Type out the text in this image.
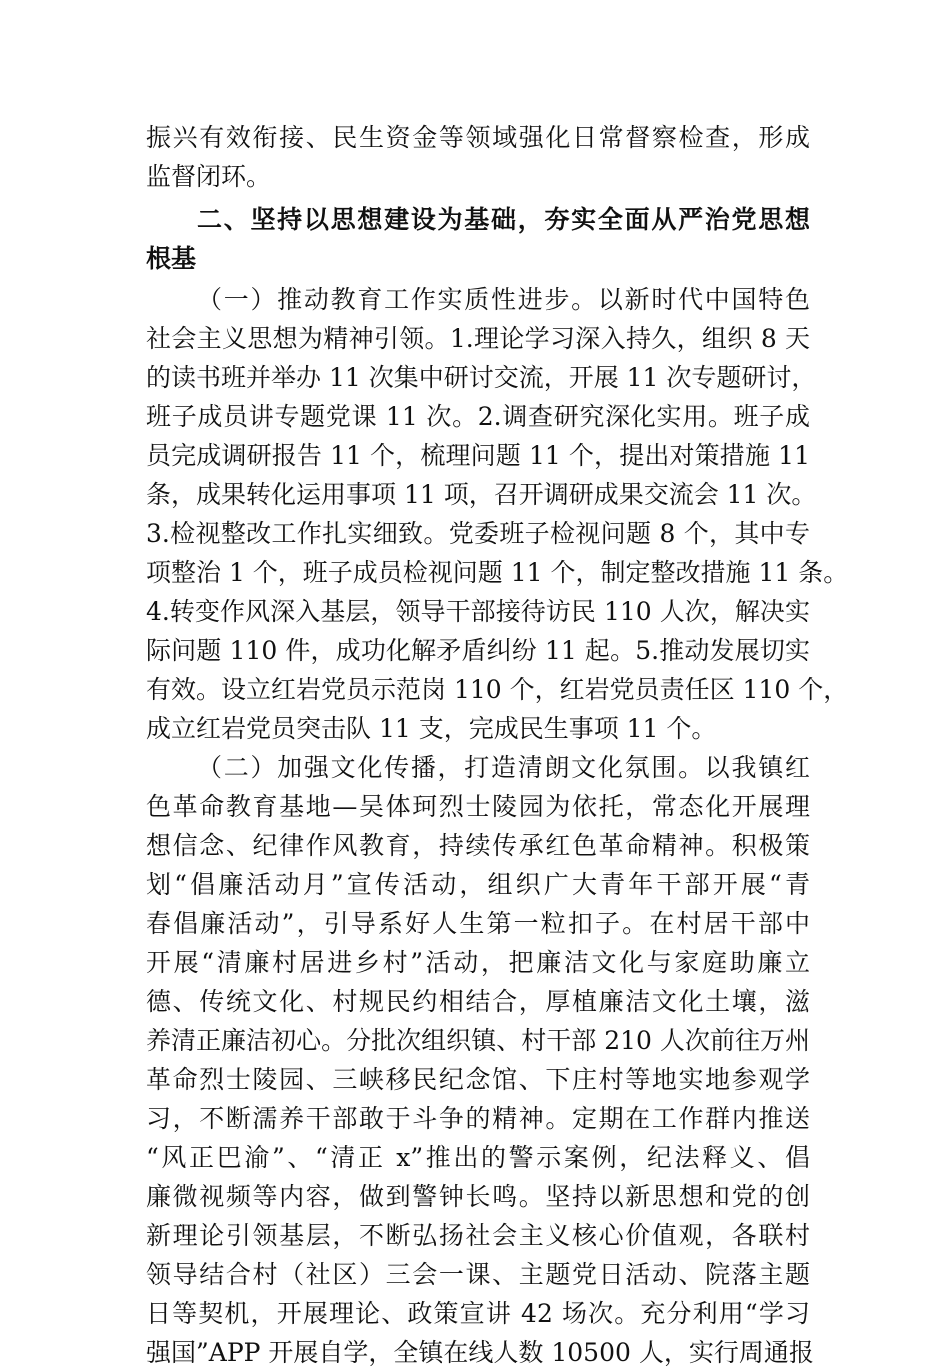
振兴有效衔接、民生资金等领域强化日常督察检查，形成
监督闭环。
二、坚持以思想建设为基础，夯实全面从严治党思想
根基
（一）推动教育工作实质性进步。以新时代中国特色
社会主义思想为精神引领。1.理论学习深入持久，组织 8 天
的读书班并举办 11 次集中研讨交流，开展 11 次专题研讨，
班子成员讲专题党课 11 次。2.调查研究深化实用。班子成
员完成调研报告 11 个，梳理问题 11 个，提出对策措施 11
条，成果转化运用事项 11 项，召开调研成果交流会 11 次。
3.检视整改工作扎实细致。党委班子检视问题 8 个，其中专
项整治 1 个，班子成员检视问题 11 个，制定整改措施 11 条。
4.转变作风深入基层，领导干部接待访民 110 人次，解决实
际问题 110 件，成功化解矛盾纠纷 11 起。5.推动发展切实
有效。设立红岩党员示范岗 110 个，红岩党员责任区 110 个，
成立红岩党员突击队 11 支，完成民生事项 11 个。
（二）加强文化传播，打造清朗文化氛围。以我镇红
色革命教育基地—吴体珂烈士陵园为依托，常态化开展理
想信念、纪律作风教育，持续传承红色革命精神。积极策
划“倡廉活动月”宣传活动，组织广大青年干部开展“青
春倡廉活动”，引导系好人生第一粒扣子。在村居干部中
开展“清廉村居进乡村”活动，把廉洁文化与家庭助廉立
德、传统文化、村规民约相结合，厚植廉洁文化土壤，滋
养清正廉洁初心。分批次组织镇、村干部 210 人次前往万州
革命烈士陵园、三峡移民纪念馆、下庄村等地实地参观学
习，不断濡养干部敢于斗争的精神。定期在工作群内推送
“风正巴渝”、“清正 x”推出的警示案例，纪法释义、倡
廉微视频等内容，做到警钟长鸣。坚持以新思想和党的创
新理论引领基层，不断弘扬社会主义核心价值观，各联村
领导结合村（社区）三会一课、主题党日活动、院落主题
日等契机，开展理论、政策宣讲 42 场次。充分利用“学习
强国”APP 开展自学，全镇在线人数 10500 人，实行周通报
